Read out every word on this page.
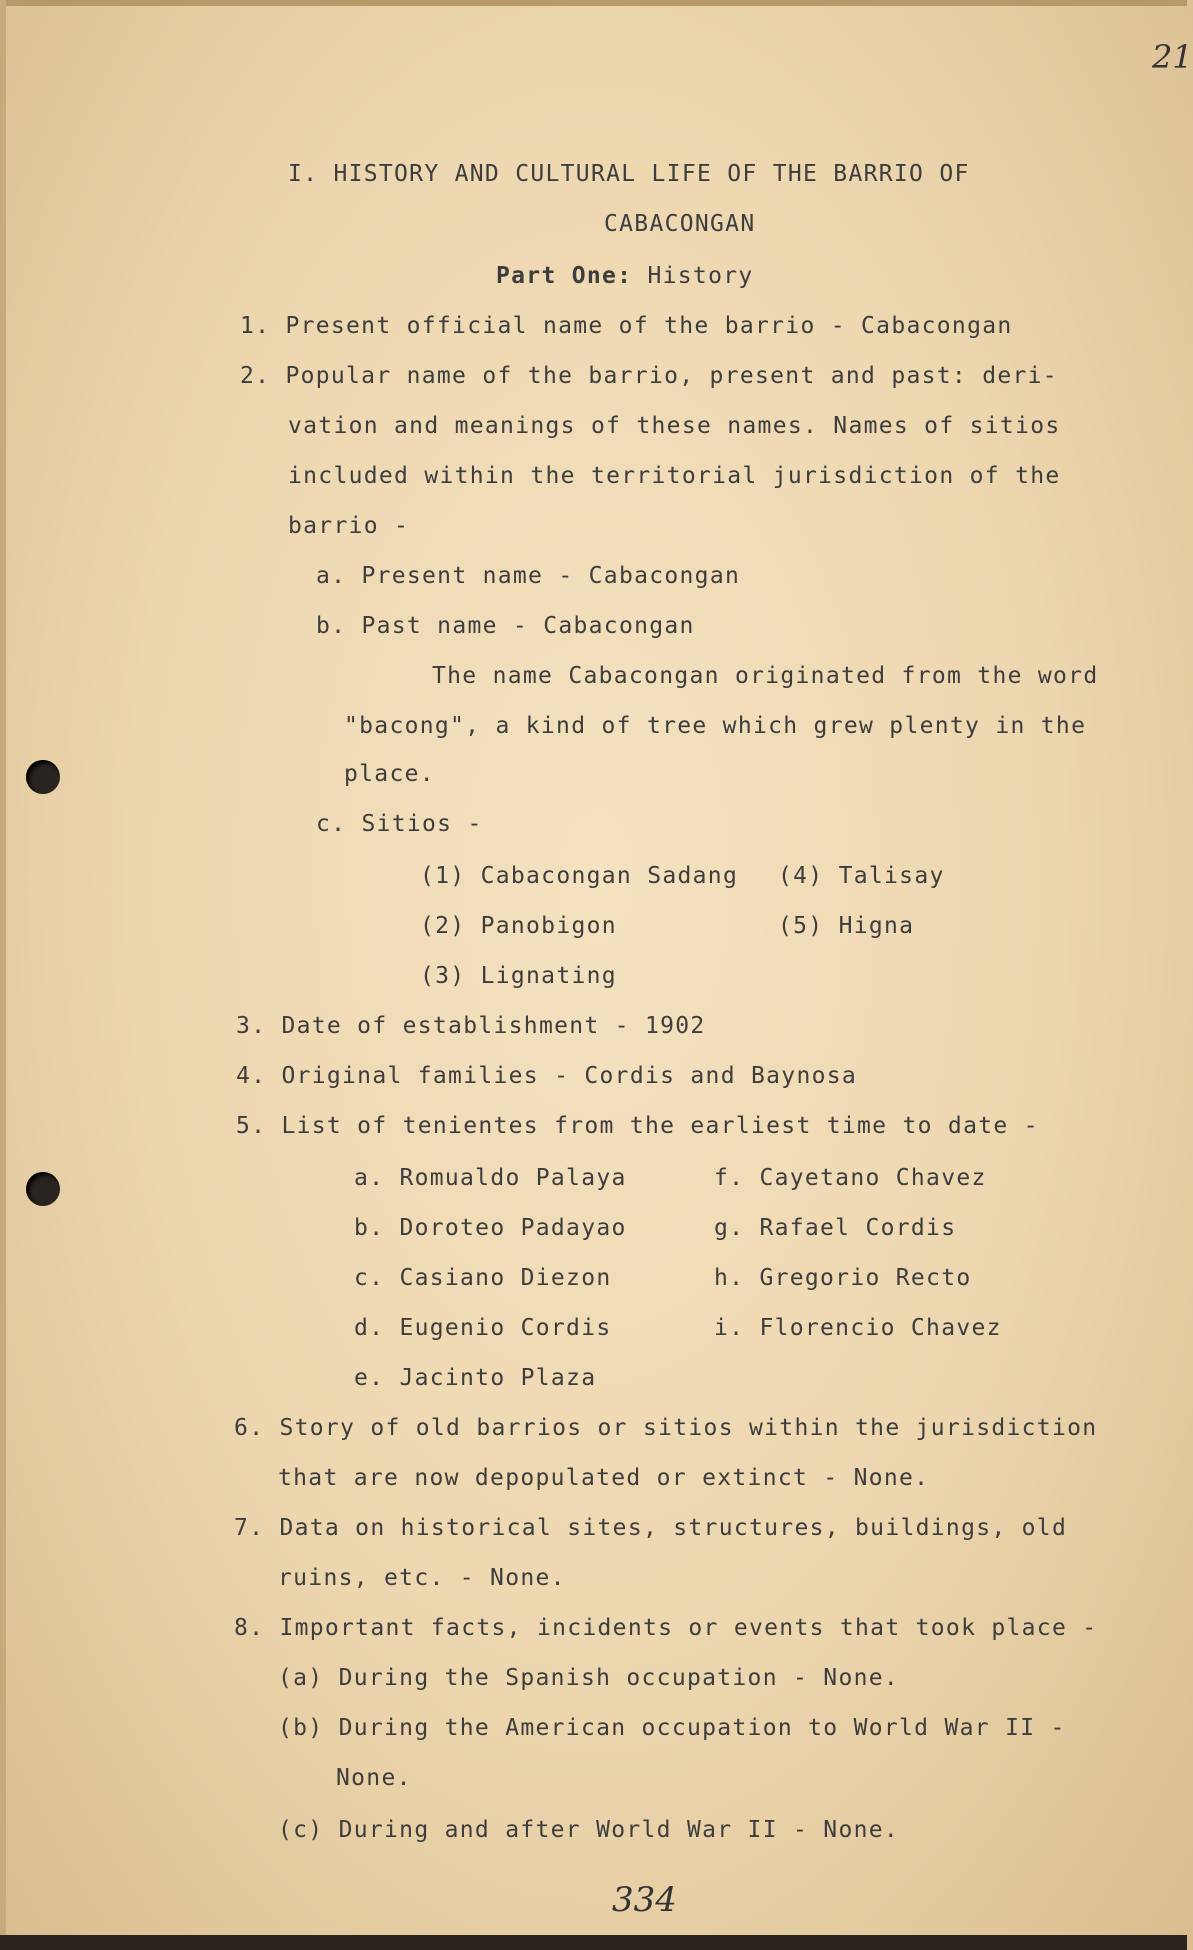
21
I. HISTORY AND CULTURAL LIFE OF THE BARRIO OF
CABACONGAN
Part One: History
1. Present official name of the barrio - Cabacongan
2. Popular name of the barrio, present and past: deri-
vation and meanings of these names. Names of sitios
included within the territorial jurisdiction of the
barrio -
a. Present name - Cabacongan
b. Past name - Cabacongan
The name Cabacongan originated from the word
"bacong", a kind of tree which grew plenty in the
place.
c. Sitios -
(1) Cabacongan Sadang
(2) Panobigon
(3) Lignating
(4) Talisay
(5) Higna
3. Date of establishment - 1902
4. Original families - Cordis and Baynosa
5. List of tenientes from the earliest time to date -
a. Romualdo Palaya
b. Doroteo Padayao
c. Casiano Diezon
d. Eugenio Cordis
e. Jacinto Plaza
f. Cayetano Chavez
g. Rafael Cordis
h. Gregorio Recto
i. Florencio Chavez
6. Story of old barrios or sitios within the jurisdiction
that are now depopulated or extinct - None.
7. Data on historical sites, structures, buildings, old
ruins, etc. - None.
8. Important facts, incidents or events that took place -
(a) During the Spanish occupation - None.
(b) During the American occupation to World War II -
None.
(c) During and after World War II - None.
334
